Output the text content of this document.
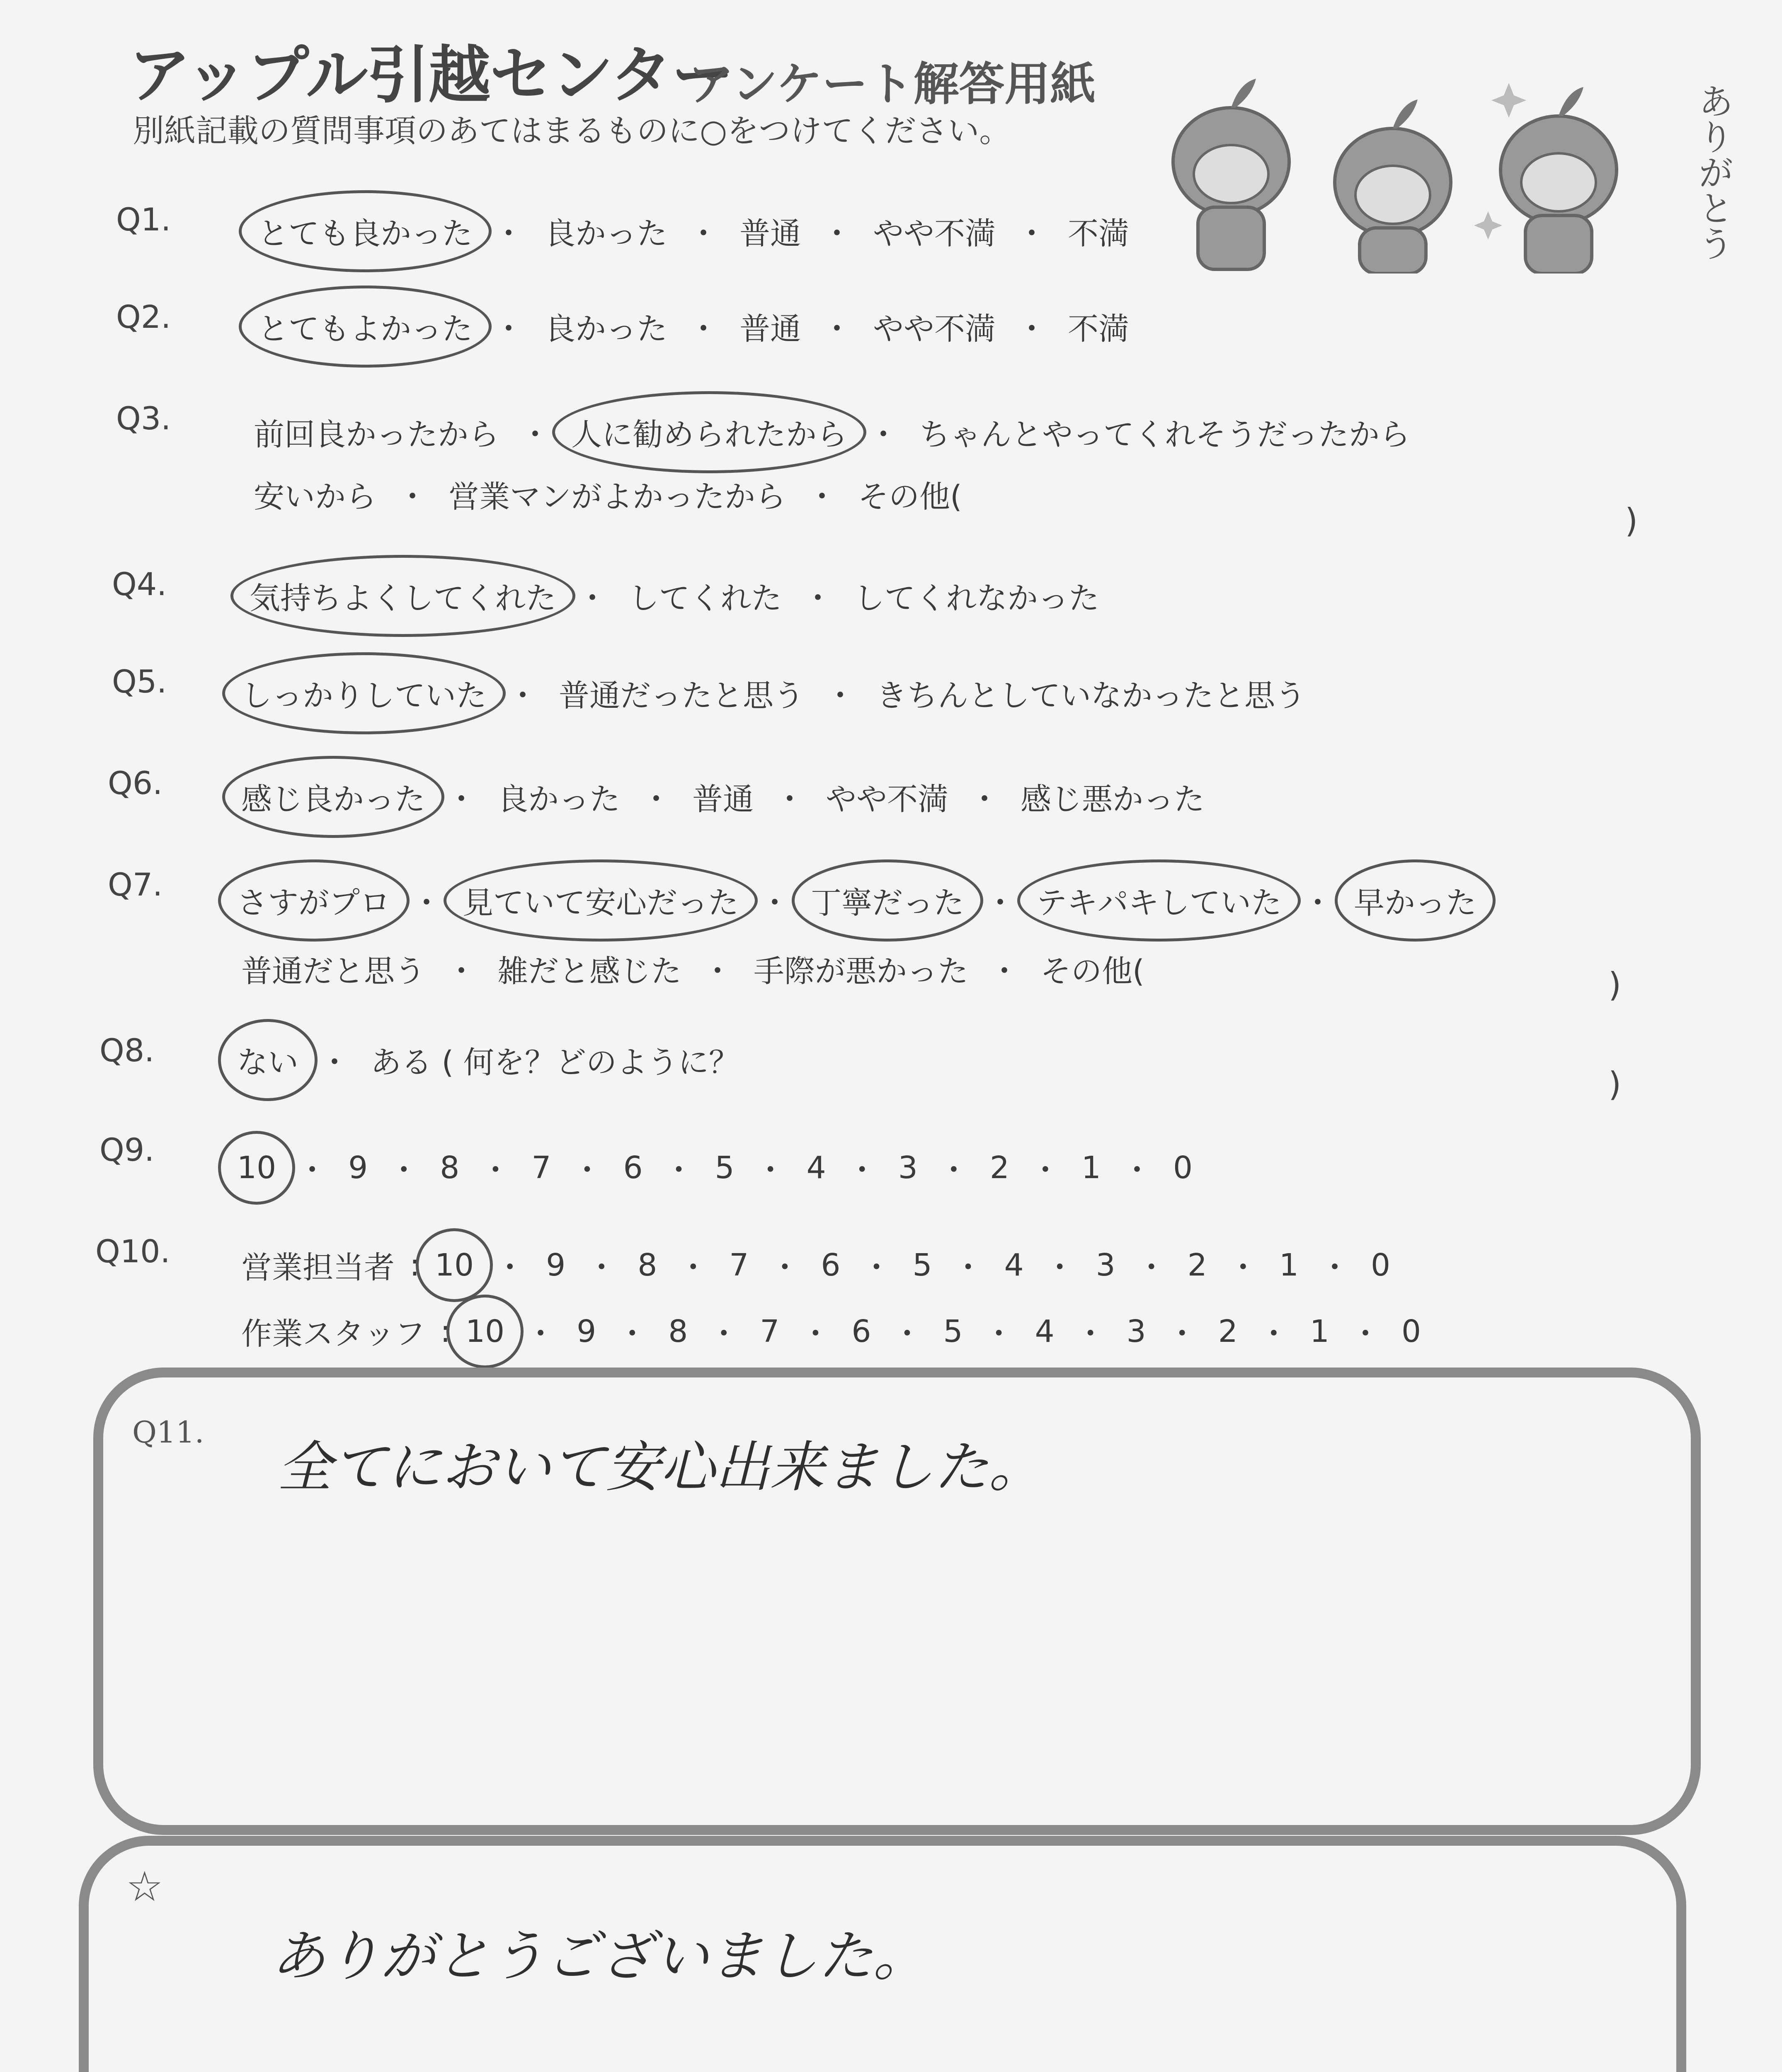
アップル引越センター
アンケート解答用紙
別紙記載の質問事項のあてはまるものに○をつけてください。	ありがとう
Q1.	とても良かった ・ 良かった ・ 普通 ・ やや不満 ・ 不満
Q2.	とてもよかった ・ 良かった ・ 普通 ・ やや不満 ・ 不満
Q3.	前回良かったから ・ 人に勧められたから ・ ちゃんとやってくれそうだったから
安いから ・ 営業マンがよかったから ・ その他(
)
Q4.	気持ちよくしてくれた ・ してくれた ・ してくれなかった
Q5. しっかりしていた ・ 普通だったと思う ・ きちんとしていなかったと思う
Q6.	感じ良かった ・ 良かった ・ 普通 ・ やや不満 ・ 感じ悪かった
Q7. さすがプロ ・ 見ていて安心だった ・ 丁寧だった ・ テキパキしていた ・ 早かった
普通だと思う ・ 雑だと感じた ・ 手際が悪かった ・ その他(	)
Q8.	ない ・ ある ( 何を？どのように？
)
Q9.	10 ・ 9 ・ 8 ・ 7 ・ 6 ・ 5 ・ 4 ・ 3 ・ 2 ・ 1 ・ 0
Q10. 営業担当者 : 10 ・ 9 ・ 8 ・ 7 ・ 6 ・ 5 ・ 4 ・ 3 ・ 2 ・ 1 ・ 0
作業スタッフ : 10 ・ 9 ・ 8 ・ 7 ・ 6 ・ 5 ・ 4 ・ 3 ・ 2 ・ 1 ・ 0
Q11.
全てにおいて安心出来ました。
☆
ありがとうございました。
